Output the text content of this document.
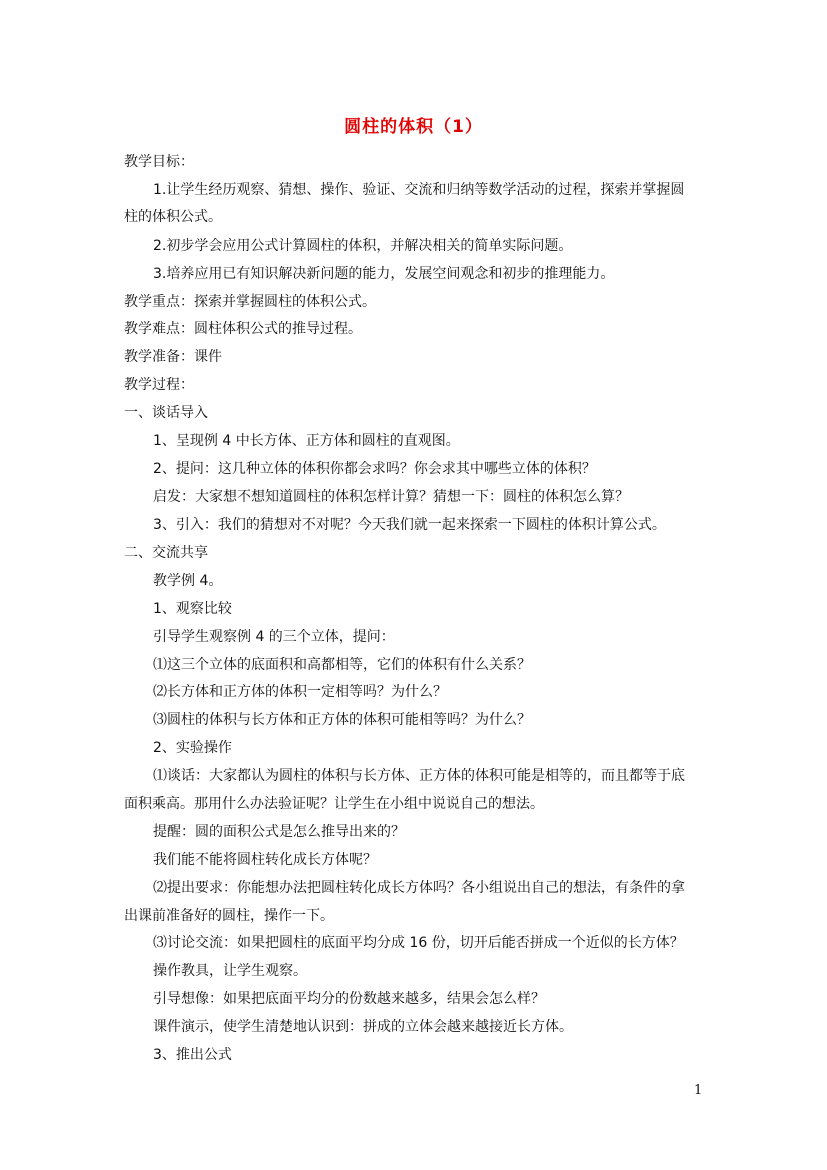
圆柱的体积（1）
教学目标：
1.让学生经历观察、猜想、操作、验证、交流和归纳等数学活动的过程，探索并掌握圆
柱的体积公式。
2.初步学会应用公式计算圆柱的体积，并解决相关的简单实际问题。
3.培养应用已有知识解决新问题的能力，发展空间观念和初步的推理能力。
教学重点：探索并掌握圆柱的体积公式。
教学难点：圆柱体积公式的推导过程。
教学准备：课件
教学过程：
一、谈话导入
1、呈现例 4 中长方体、正方体和圆柱的直观图。
2、提问：这几种立体的体积你都会求吗？你会求其中哪些立体的体积？
启发：大家想不想知道圆柱的体积怎样计算？猜想一下：圆柱的体积怎么算？
3、引入：我们的猜想对不对呢？今天我们就一起来探索一下圆柱的体积计算公式。
二、交流共享
教学例 4。
1、观察比较
引导学生观察例 4 的三个立体，提问：
⑴这三个立体的底面积和高都相等，它们的体积有什么关系？
⑵长方体和正方体的体积一定相等吗？为什么？
⑶圆柱的体积与长方体和正方体的体积可能相等吗？为什么？
2、实验操作
⑴谈话：大家都认为圆柱的体积与长方体、正方体的体积可能是相等的，而且都等于底
面积乘高。那用什么办法验证呢？让学生在小组中说说自己的想法。
提醒：圆的面积公式是怎么推导出来的？
我们能不能将圆柱转化成长方体呢？
⑵提出要求：你能想办法把圆柱转化成长方体吗？各小组说出自己的想法，有条件的拿
出课前准备好的圆柱，操作一下。
⑶讨论交流：如果把圆柱的底面平均分成 16 份，切开后能否拼成一个近似的长方体？
操作教具，让学生观察。
引导想像：如果把底面平均分的份数越来越多，结果会怎么样？
课件演示，使学生清楚地认识到：拼成的立体会越来越接近长方体。
3、推出公式
1
